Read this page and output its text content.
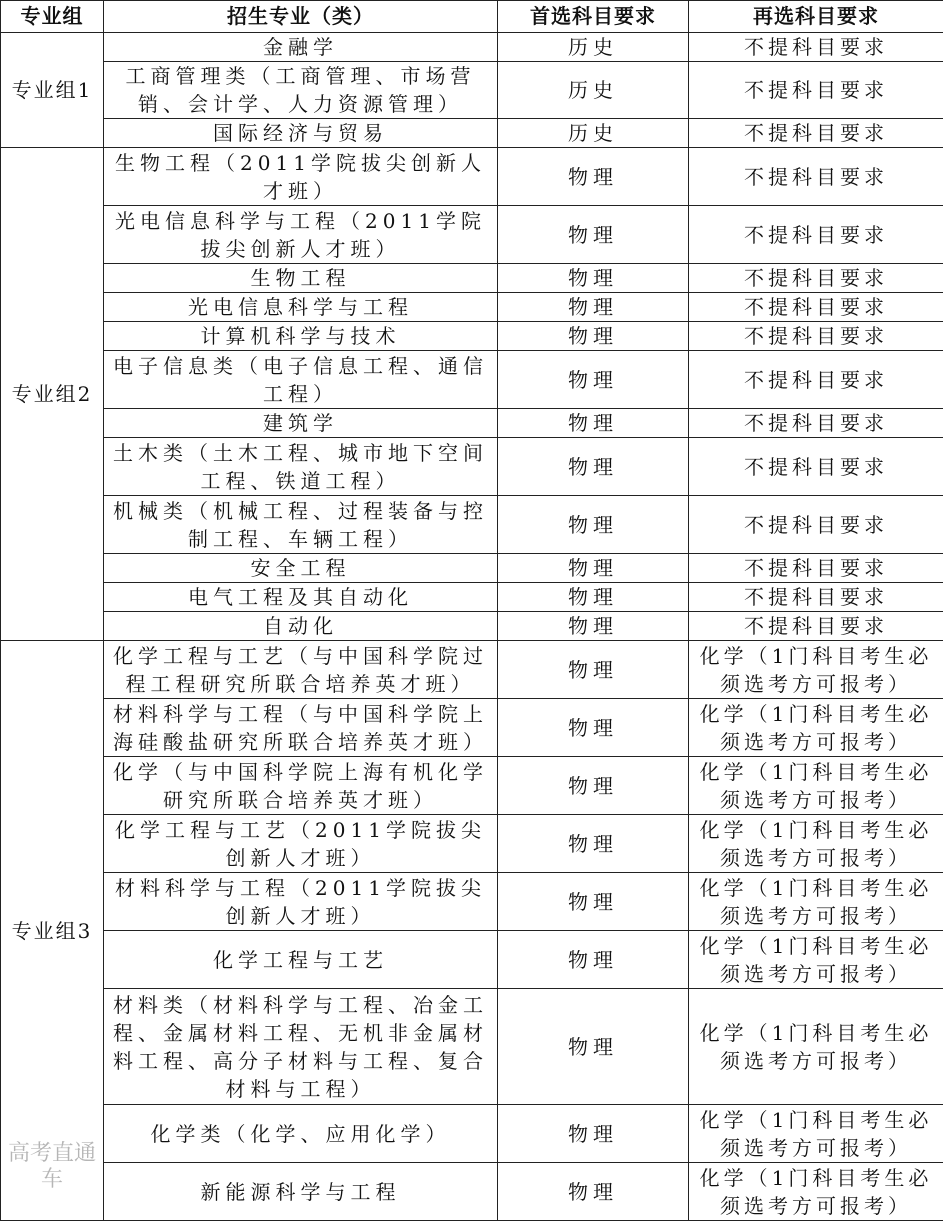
专业组	招生专业（类）	首选科目要求	再选科目要求
专业组1	金融学	历史	不提科目要求
	工商管理类（工商管理、市场营销、会计学、人力资源管理）	历史	不提科目要求
	国际经济与贸易	历史	不提科目要求
专业组2	生物工程（2011学院拔尖创新人才班）	物理	不提科目要求
	光电信息科学与工程（2011学院拔尖创新人才班）	物理	不提科目要求
	生物工程	物理	不提科目要求
	光电信息科学与工程	物理	不提科目要求
	计算机科学与技术	物理	不提科目要求
	电子信息类（电子信息工程、通信工程）	物理	不提科目要求
	建筑学	物理	不提科目要求
	土木类（土木工程、城市地下空间工程、铁道工程）	物理	不提科目要求
	机械类（机械工程、过程装备与控制工程、车辆工程）	物理	不提科目要求
	安全工程	物理	不提科目要求
	电气工程及其自动化	物理	不提科目要求
	自动化	物理	不提科目要求
专业组3	化学工程与工艺（与中国科学院过程工程研究所联合培养英才班）	物理	化学（1门科目考生必须选考方可报考）
	材料科学与工程（与中国科学院上海硅酸盐研究所联合培养英才班）	物理	化学（1门科目考生必须选考方可报考）
	化学（与中国科学院上海有机化学研究所联合培养英才班）	物理	化学（1门科目考生必须选考方可报考）
	化学工程与工艺（2011学院拔尖创新人才班）	物理	化学（1门科目考生必须选考方可报考）
	材料科学与工程（2011学院拔尖创新人才班）	物理	化学（1门科目考生必须选考方可报考）
	化学工程与工艺	物理	化学（1门科目考生必须选考方可报考）
	材料类（材料科学与工程、冶金工程、金属材料工程、无机非金属材料工程、高分子材料与工程、复合材料与工程）	物理	化学（1门科目考生必须选考方可报考）
	化学类（化学、应用化学）	物理	化学（1门科目考生必须选考方可报考）
	新能源科学与工程	物理	化学（1门科目考生必须选考方可报考）
高考直通车
